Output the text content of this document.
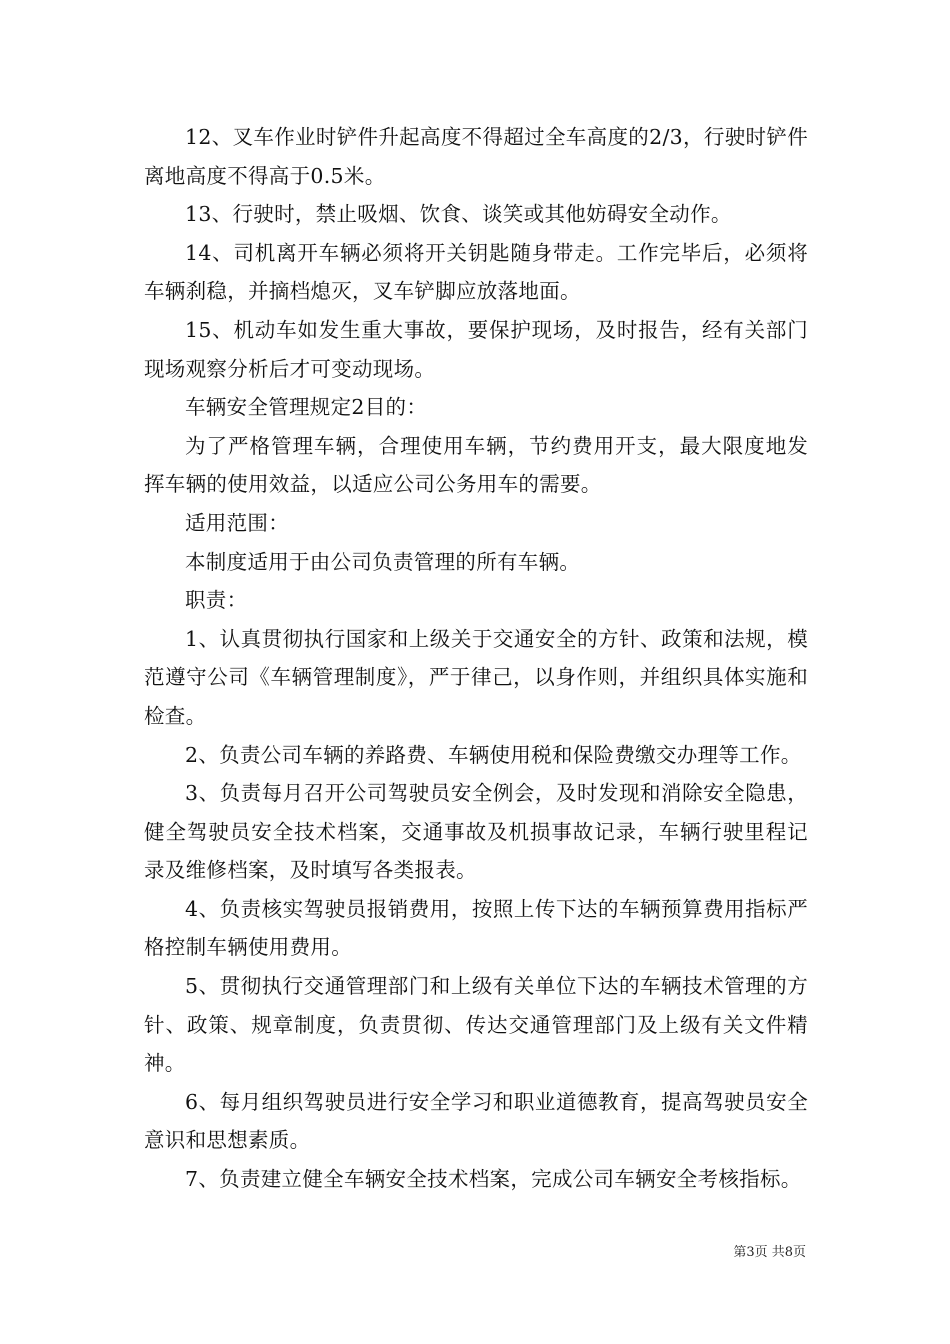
12、叉车作业时铲件升起高度不得超过全车高度的2/3，行驶时铲件离地高度不得高于0.5米。

13、行驶时，禁止吸烟、饮食、谈笑或其他妨碍安全动作。

14、司机离开车辆必须将开关钥匙随身带走。工作完毕后，必须将车辆刹稳，并摘档熄灭，叉车铲脚应放落地面。

15、机动车如发生重大事故，要保护现场，及时报告，经有关部门现场观察分析后才可变动现场。

车辆安全管理规定2目的：

为了严格管理车辆，合理使用车辆，节约费用开支，最大限度地发挥车辆的使用效益，以适应公司公务用车的需要。

适用范围：

本制度适用于由公司负责管理的所有车辆。

职责：

1、认真贯彻执行国家和上级关于交通安全的方针、政策和法规，模范遵守公司《车辆管理制度》，严于律己，以身作则，并组织具体实施和检查。

2、负责公司车辆的养路费、车辆使用税和保险费缴交办理等工作。

3、负责每月召开公司驾驶员安全例会，及时发现和消除安全隐患，健全驾驶员安全技术档案，交通事故及机损事故记录，车辆行驶里程记录及维修档案，及时填写各类报表。

4、负责核实驾驶员报销费用，按照上传下达的车辆预算费用指标严格控制车辆使用费用。

5、贯彻执行交通管理部门和上级有关单位下达的车辆技术管理的方针、政策、规章制度，负责贯彻、传达交通管理部门及上级有关文件精神。

6、每月组织驾驶员进行安全学习和职业道德教育，提高驾驶员安全意识和思想素质。

7、负责建立健全车辆安全技术档案，完成公司车辆安全考核指标。

第3页 共8页
